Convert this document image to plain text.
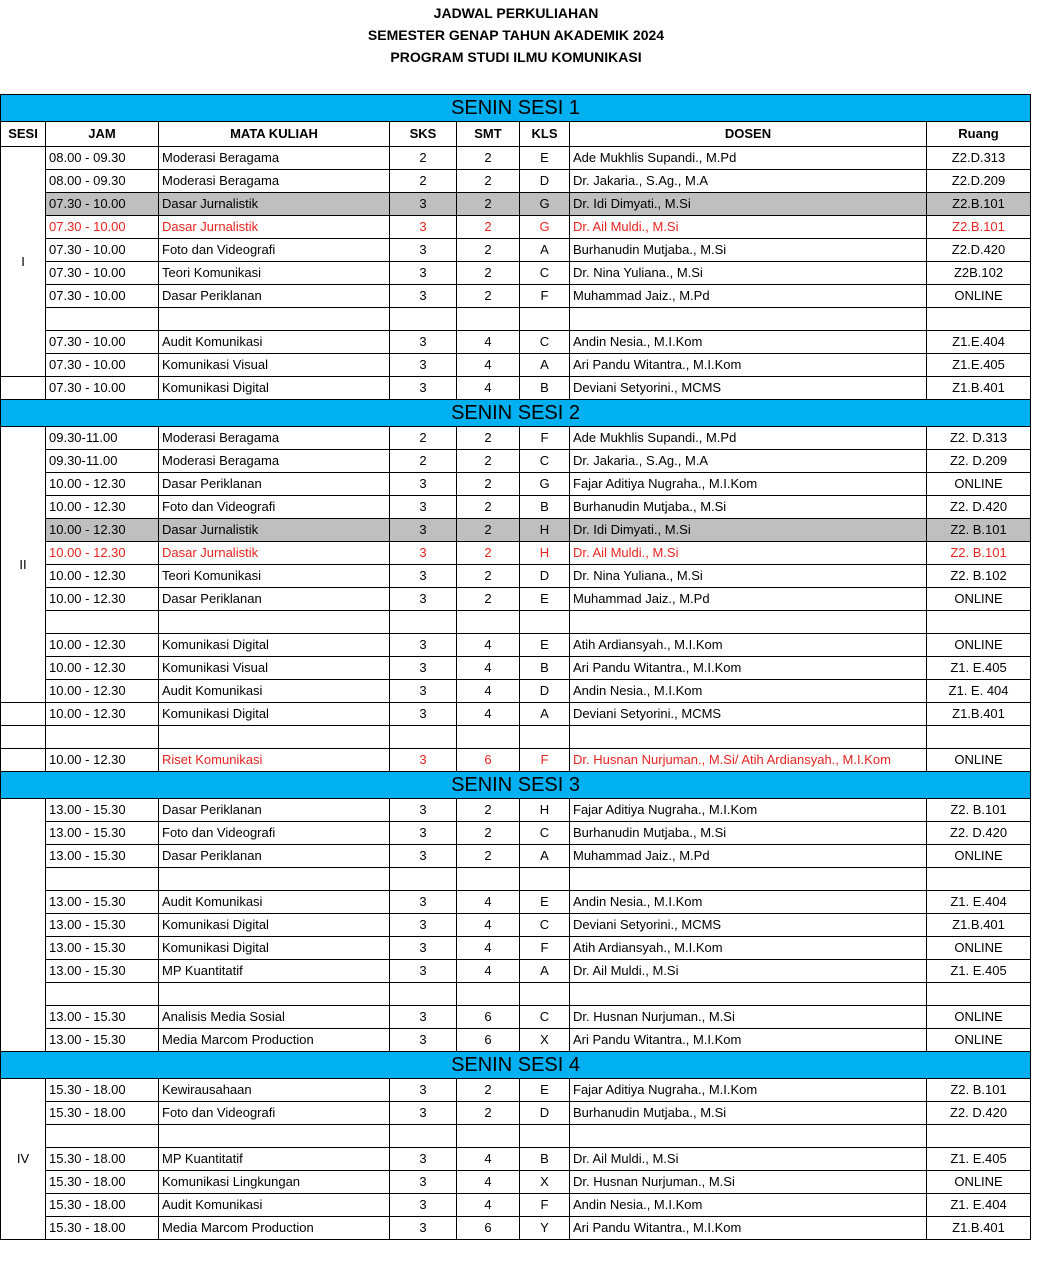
JADWAL PERKULIAHAN
SEMESTER GENAP TAHUN AKADEMIK 2024
PROGRAM STUDI ILMU KOMUNIKASI
SENIN SESI 1							
SESI	JAM	MATA KULIAH	SKS	SMT	KLS	DOSEN	Ruang
I	08.00 - 09.30	Moderasi Beragama	2	2	E	Ade Mukhlis Supandi., M.Pd	Z2.D.313
	08.00 - 09.30	Moderasi Beragama	2	2	D	Dr. Jakaria., S.Ag., M.A	Z2.D.209
	07.30 - 10.00	Dasar Jurnalistik	3	2	G	Dr. Idi Dimyati., M.Si	Z2.B.101
	07.30 - 10.00	Dasar Jurnalistik	3	2	G	Dr. Ail Muldi., M.Si	Z2.B.101
	07.30 - 10.00	Foto dan Videografi	3	2	A	Burhanudin Mutjaba., M.Si	Z2.D.420
	07.30 - 10.00	Teori Komunikasi	3	2	C	Dr. Nina Yuliana., M.Si	Z2B.102
	07.30 - 10.00	Dasar Periklanan	3	2	F	Muhammad Jaiz., M.Pd	ONLINE

	07.30 - 10.00	Audit Komunikasi	3	4	C	Andin Nesia., M.I.Kom	Z1.E.404
	07.30 - 10.00	Komunikasi Visual	3	4	A	Ari Pandu Witantra., M.I.Kom	Z1.E.405
	07.30 - 10.00	Komunikasi Digital	3	4	B	Deviani Setyorini., MCMS	Z1.B.401
SENIN SESI 2							
II	09.30-11.00	Moderasi Beragama	2	2	F	Ade Mukhlis Supandi., M.Pd	Z2. D.313
	09.30-11.00	Moderasi Beragama	2	2	C	Dr. Jakaria., S.Ag., M.A	Z2. D.209
	10.00 - 12.30	Dasar Periklanan	3	2	G	Fajar Aditiya Nugraha., M.I.Kom	ONLINE
	10.00 - 12.30	Foto dan Videografi	3	2	B	Burhanudin Mutjaba., M.Si	Z2. D.420
	10.00 - 12.30	Dasar Jurnalistik	3	2	H	Dr. Idi Dimyati., M.Si	Z2. B.101
	10.00 - 12.30	Dasar Jurnalistik	3	2	H	Dr. Ail Muldi., M.Si	Z2. B.101
	10.00 - 12.30	Teori Komunikasi	3	2	D	Dr. Nina Yuliana., M.Si	Z2. B.102
	10.00 - 12.30	Dasar Periklanan	3	2	E	Muhammad Jaiz., M.Pd	ONLINE

	10.00 - 12.30	Komunikasi Digital	3	4	E	Atih Ardiansyah., M.I.Kom	ONLINE
	10.00 - 12.30	Komunikasi Visual	3	4	B	Ari Pandu Witantra., M.I.Kom	Z1. E.405
	10.00 - 12.30	Audit Komunikasi	3	4	D	Andin Nesia., M.I.Kom	Z1. E. 404
	10.00 - 12.30	Komunikasi Digital	3	4	A	Deviani Setyorini., MCMS	Z1.B.401

	10.00 - 12.30	Riset Komunikasi	3	6	F	Dr. Husnan Nurjuman., M.Si/ Atih Ardiansyah., M.I.Kom	ONLINE
SENIN SESI 3							
	13.00 - 15.30	Dasar Periklanan	3	2	H	Fajar Aditiya Nugraha., M.I.Kom	Z2. B.101
	13.00 - 15.30	Foto dan Videografi	3	2	C	Burhanudin Mutjaba., M.Si	Z2. D.420
	13.00 - 15.30	Dasar Periklanan	3	2	A	Muhammad Jaiz., M.Pd	ONLINE

	13.00 - 15.30	Audit Komunikasi	3	4	E	Andin Nesia., M.I.Kom	Z1. E.404
	13.00 - 15.30	Komunikasi Digital	3	4	C	Deviani Setyorini., MCMS	Z1.B.401
	13.00 - 15.30	Komunikasi Digital	3	4	F	Atih Ardiansyah., M.I.Kom	ONLINE
	13.00 - 15.30	MP Kuantitatif	3	4	A	Dr. Ail Muldi., M.Si	Z1. E.405

	13.00 - 15.30	Analisis Media Sosial	3	6	C	Dr. Husnan Nurjuman., M.Si	ONLINE
	13.00 - 15.30	Media Marcom Production	3	6	X	Ari Pandu Witantra., M.I.Kom	ONLINE
SENIN SESI 4							
IV	15.30 - 18.00	Kewirausahaan	3	2	E	Fajar Aditiya Nugraha., M.I.Kom	Z2. B.101
	15.30 - 18.00	Foto dan Videografi	3	2	D	Burhanudin Mutjaba., M.Si	Z2. D.420

	15.30 - 18.00	MP Kuantitatif	3	4	B	Dr. Ail Muldi., M.Si	Z1. E.405
	15.30 - 18.00	Komunikasi Lingkungan	3	4	X	Dr. Husnan Nurjuman., M.Si	ONLINE
	15.30 - 18.00	Audit Komunikasi	3	4	F	Andin Nesia., M.I.Kom	Z1. E.404
	15.30 - 18.00	Media Marcom Production	3	6	Y	Ari Pandu Witantra., M.I.Kom	Z1.B.401
